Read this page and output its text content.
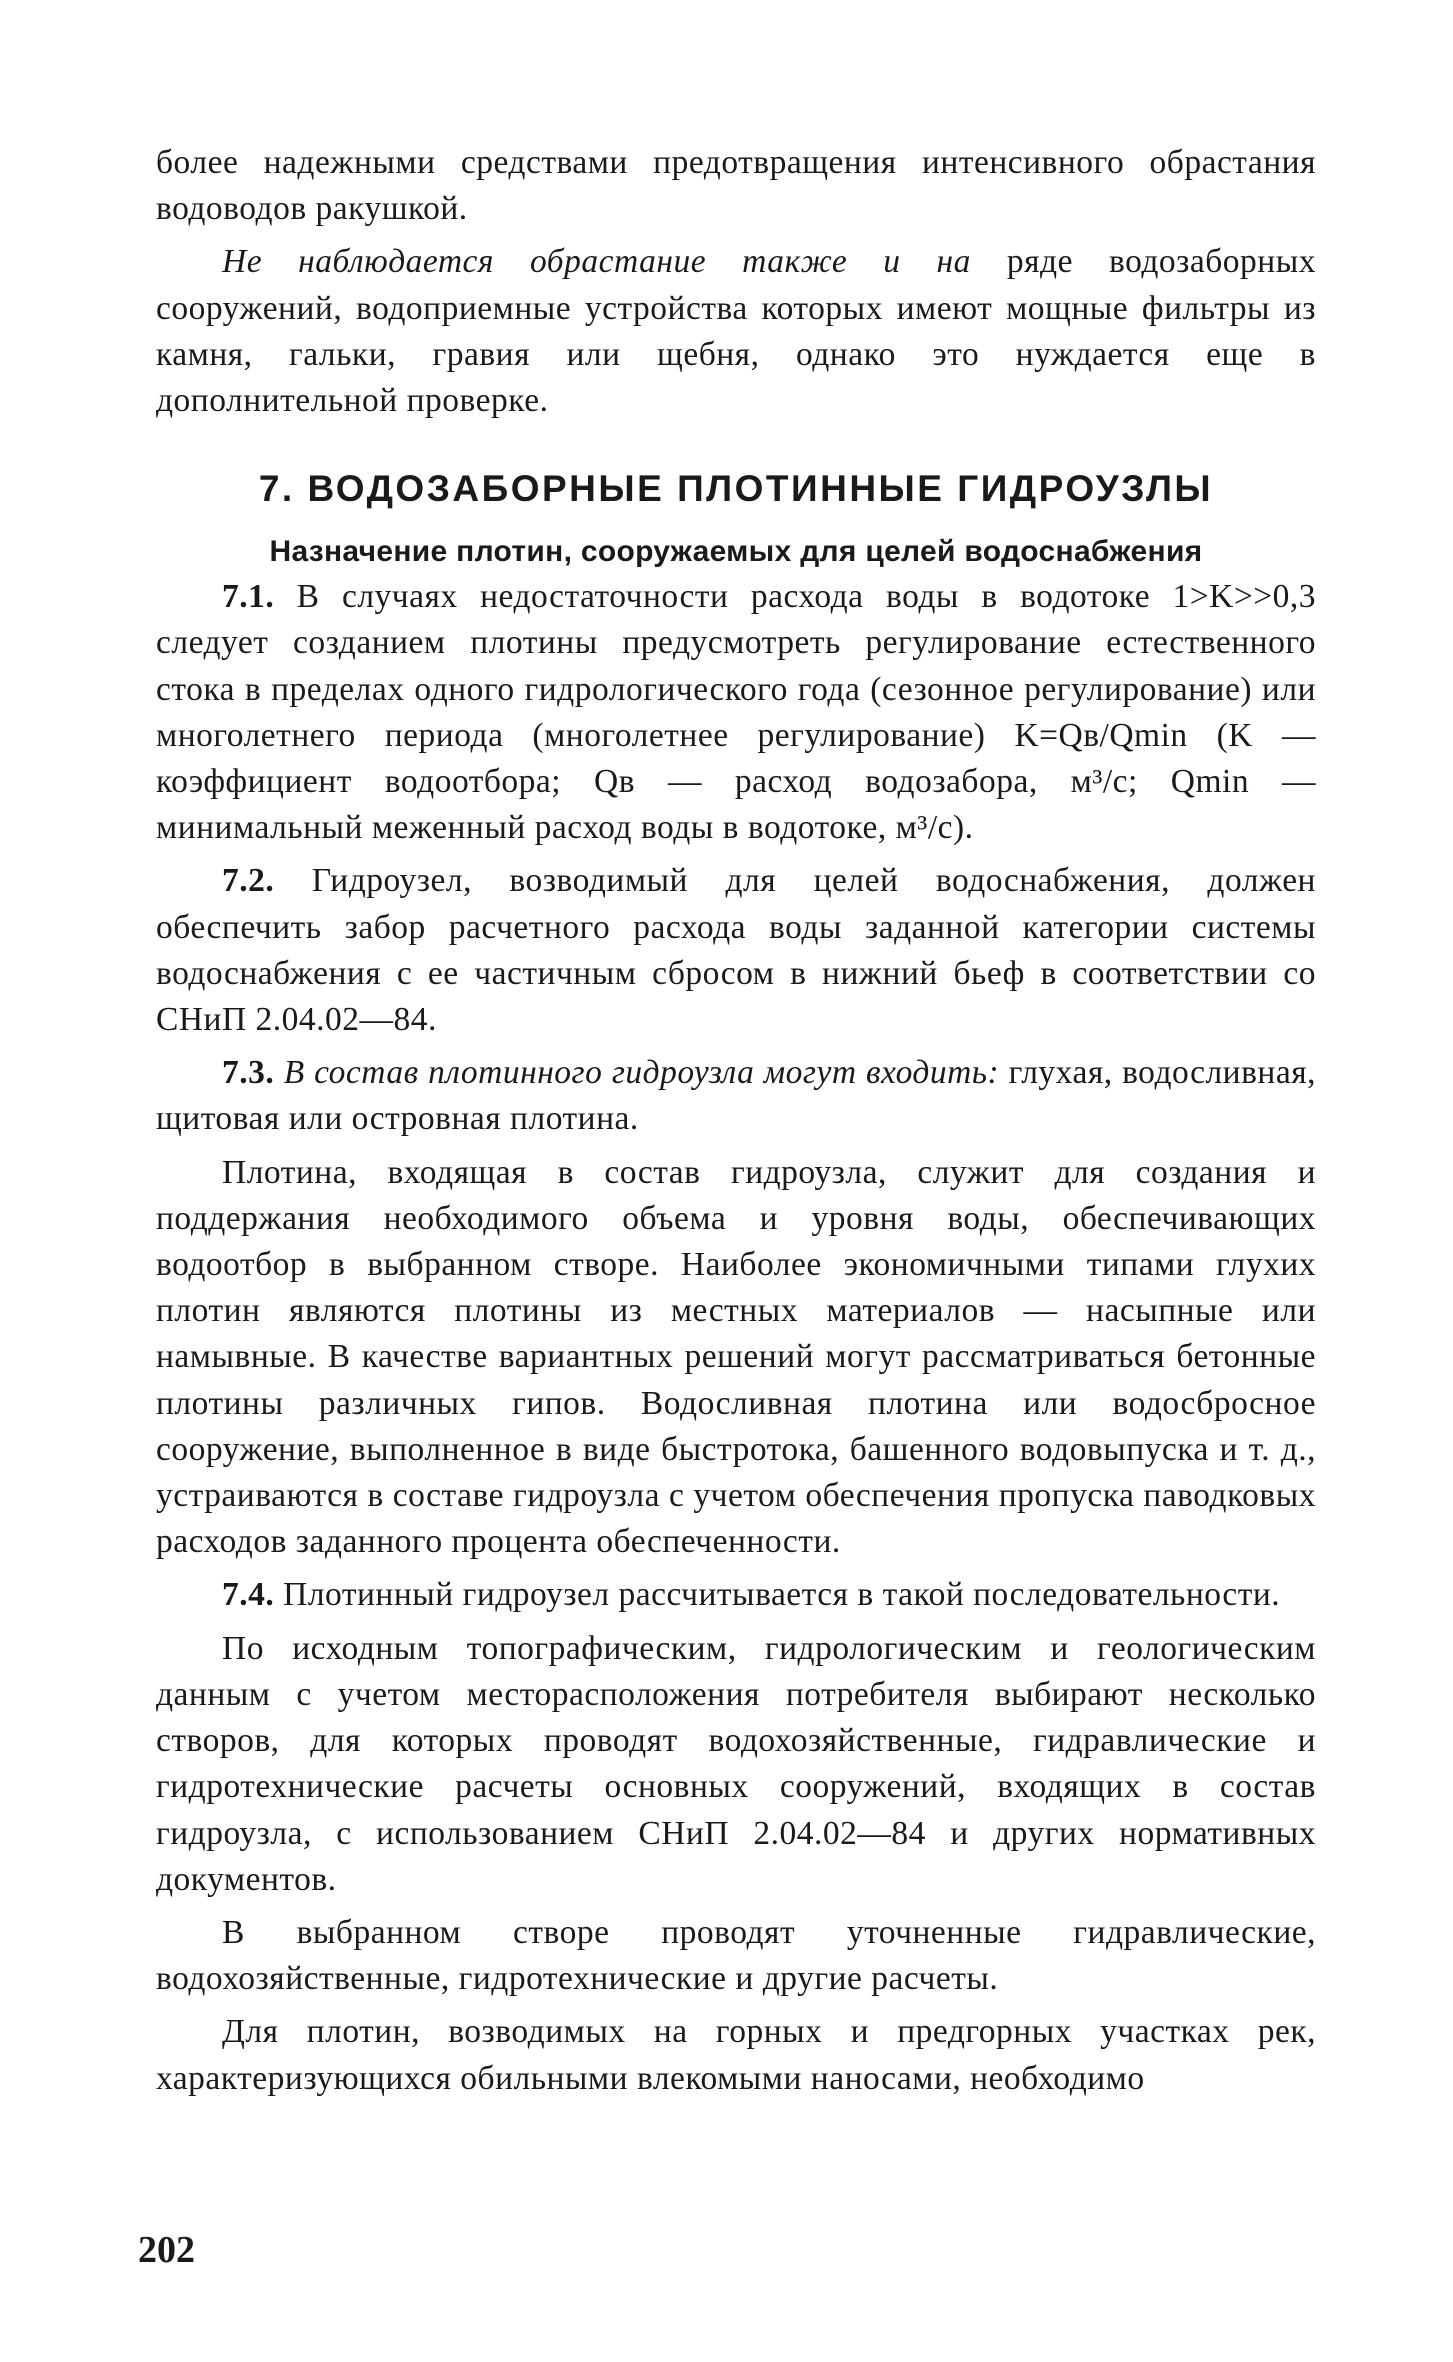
более надежными средствами предотвращения интенсивного обрастания водоводов ракушкой.

Не наблюдается обрастание также и на ряде водозаборных сооружений, водоприемные устройства которых имеют мощные фильтры из камня, гальки, гравия или щебня, однако это нуждается еще в дополнительной проверке.

7. ВОДОЗАБОРНЫЕ ПЛОТИННЫЕ ГИДРОУЗЛЫ
Назначение плотин, сооружаемых для целей водоснабжения

7.1. В случаях недостаточности расхода воды в водотоке 1>K>>0,3 следует созданием плотины предусмотреть регулирование естественного стока в пределах одного гидрологического года (сезонное регулирование) или многолетнего периода (многолетнее регулирование) K=Qв/Qmin (K — коэффициент водоотбора; Qв — расход водозабора, м³/с; Qmin — минимальный меженный расход воды в водотоке, м³/с).

7.2. Гидроузел, возводимый для целей водоснабжения, должен обеспечить забор расчетного расхода воды заданной категории системы водоснабжения с ее частичным сбросом в нижний бьеф в соответствии со СНиП 2.04.02—84.

7.3. В состав плотинного гидроузла могут входить: глухая, водосливная, щитовая или островная плотина.

Плотина, входящая в состав гидроузла, служит для создания и поддержания необходимого объема и уровня воды, обеспечивающих водоотбор в выбранном створе. Наиболее экономичными типами глухих плотин являются плотины из местных материалов — насыпные или намывные. В качестве вариантных решений могут рассматриваться бетонные плотины различных гипов. Водосливная плотина или водосбросное сооружение, выполненное в виде быстротока, башенного водовыпуска и т. д., устраиваются в составе гидроузла с учетом обеспечения пропуска паводковых расходов заданного процента обеспеченности.

7.4. Плотинный гидроузел рассчитывается в такой последовательности.

По исходным топографическим, гидрологическим и геологическим данным с учетом месторасположения потребителя выбирают несколько створов, для которых проводят водохозяйственные, гидравлические и гидротехнические расчеты основных сооружений, входящих в состав гидроузла, с использованием СНиП 2.04.02—84 и других нормативных документов.

В выбранном створе проводят уточненные гидравлические, водохозяйственные, гидротехнические и другие расчеты.

Для плотин, возводимых на горных и предгорных участках рек, характеризующихся обильными влекомыми наносами, необходимо

202
